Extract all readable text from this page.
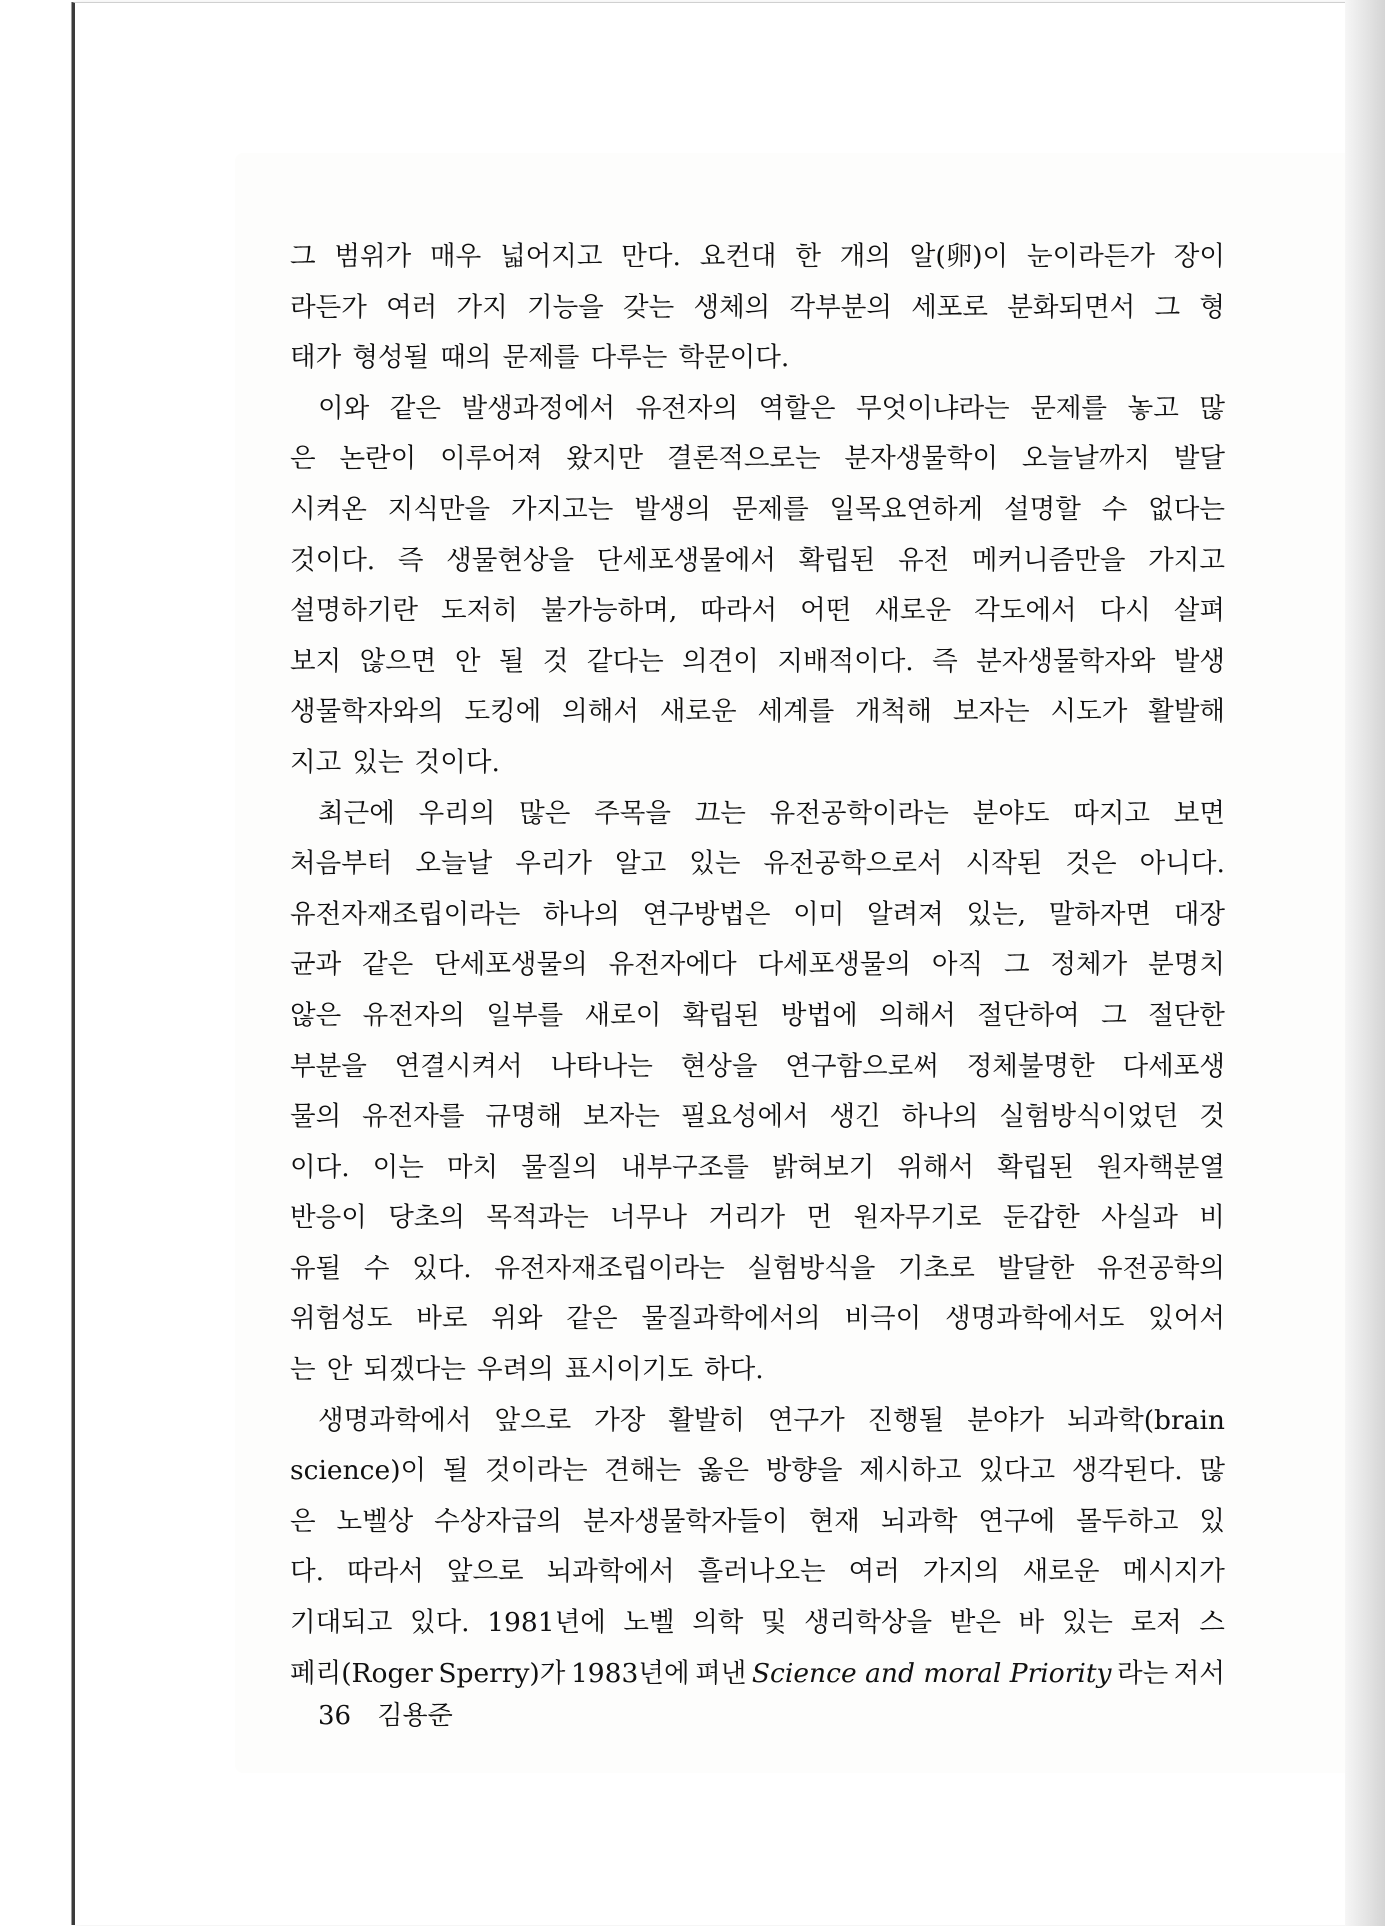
그 범위가 매우 넓어지고 만다. 요컨대 한 개의 알(卵)이 눈이라든가 장이
라든가 여러 가지 기능을 갖는 생체의 각부분의 세포로 분화되면서 그 형
태가 형성될 때의 문제를 다루는 학문이다.
이와 같은 발생과정에서 유전자의 역할은 무엇이냐라는 문제를 놓고 많
은 논란이 이루어져 왔지만 결론적으로는 분자생물학이 오늘날까지 발달
시켜온 지식만을 가지고는 발생의 문제를 일목요연하게 설명할 수 없다는
것이다. 즉 생물현상을 단세포생물에서 확립된 유전 메커니즘만을 가지고
설명하기란 도저히 불가능하며, 따라서 어떤 새로운 각도에서 다시 살펴
보지 않으면 안 될 것 같다는 의견이 지배적이다. 즉 분자생물학자와 발생
생물학자와의 도킹에 의해서 새로운 세계를 개척해 보자는 시도가 활발해
지고 있는 것이다.
최근에 우리의 많은 주목을 끄는 유전공학이라는 분야도 따지고 보면
처음부터 오늘날 우리가 알고 있는 유전공학으로서 시작된 것은 아니다.
유전자재조립이라는 하나의 연구방법은 이미 알려져 있는, 말하자면 대장
균과 같은 단세포생물의 유전자에다 다세포생물의 아직 그 정체가 분명치
않은 유전자의 일부를 새로이 확립된 방법에 의해서 절단하여 그 절단한
부분을 연결시켜서 나타나는 현상을 연구함으로써 정체불명한 다세포생
물의 유전자를 규명해 보자는 필요성에서 생긴 하나의 실험방식이었던 것
이다. 이는 마치 물질의 내부구조를 밝혀보기 위해서 확립된 원자핵분열
반응이 당초의 목적과는 너무나 거리가 먼 원자무기로 둔갑한 사실과 비
유될 수 있다. 유전자재조립이라는 실험방식을 기초로 발달한 유전공학의
위험성도 바로 위와 같은 물질과학에서의 비극이 생명과학에서도 있어서
는 안 되겠다는 우려의 표시이기도 하다.
생명과학에서 앞으로 가장 활발히 연구가 진행될 분야가 뇌과학(brain
science)이 될 것이라는 견해는 옳은 방향을 제시하고 있다고 생각된다. 많
은 노벨상 수상자급의 분자생물학자들이 현재 뇌과학 연구에 몰두하고 있
다. 따라서 앞으로 뇌과학에서 흘러나오는 여러 가지의 새로운 메시지가
기대되고 있다. 1981년에 노벨 의학 및 생리학상을 받은 바 있는 로저 스
페리(Roger Sperry)가 1983년에 펴낸 Science and moral Priority 라는 저서
36 김용준
